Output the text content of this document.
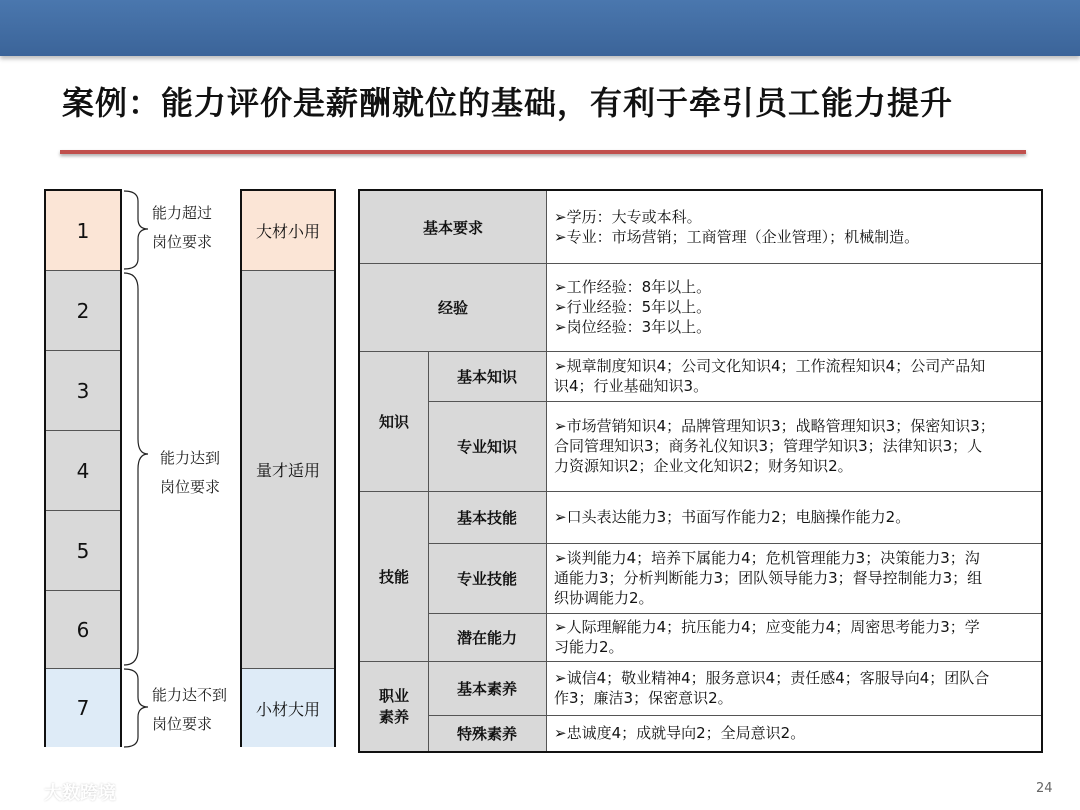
案例：能力评价是薪酬就位的基础，有利于牵引员工能力提升
1
2
3
4
5
6
7
能力超过
岗位要求
能力达到
岗位要求
能力达不到
岗位要求
大材小用
量才适用
小材大用
基本要求
经验
知识
基本知识
专业知识
技能
基本技能
专业技能
潜在能力
职业
素养
基本素养
特殊素养
➢学历：大专或本科。
➢专业：市场营销；工商管理（企业管理）；机械制造。
➢工作经验：8年以上。
➢行业经验：5年以上。
➢岗位经验：3年以上。
➢规章制度知识4；公司文化知识4；工作流程知识4；公司产品知
识4；行业基础知识3。
➢市场营销知识4；品牌管理知识3；战略管理知识3；保密知识3；
合同管理知识3；商务礼仪知识3；管理学知识3；法律知识3；人
力资源知识2；企业文化知识2；财务知识2。
➢口头表达能力3；书面写作能力2；电脑操作能力2。
➢谈判能力4；培养下属能力4；危机管理能力3；决策能力3；沟
通能力3；分析判断能力3；团队领导能力3；督导控制能力3；组
织协调能力2。
➢人际理解能力4；抗压能力4；应变能力4；周密思考能力3；学
习能力2。
➢诚信4；敬业精神4；服务意识4；责任感4；客服导向4；团队合
作3；廉洁3；保密意识2。
➢忠诚度4；成就导向2；全局意识2。
大数跨境	24
